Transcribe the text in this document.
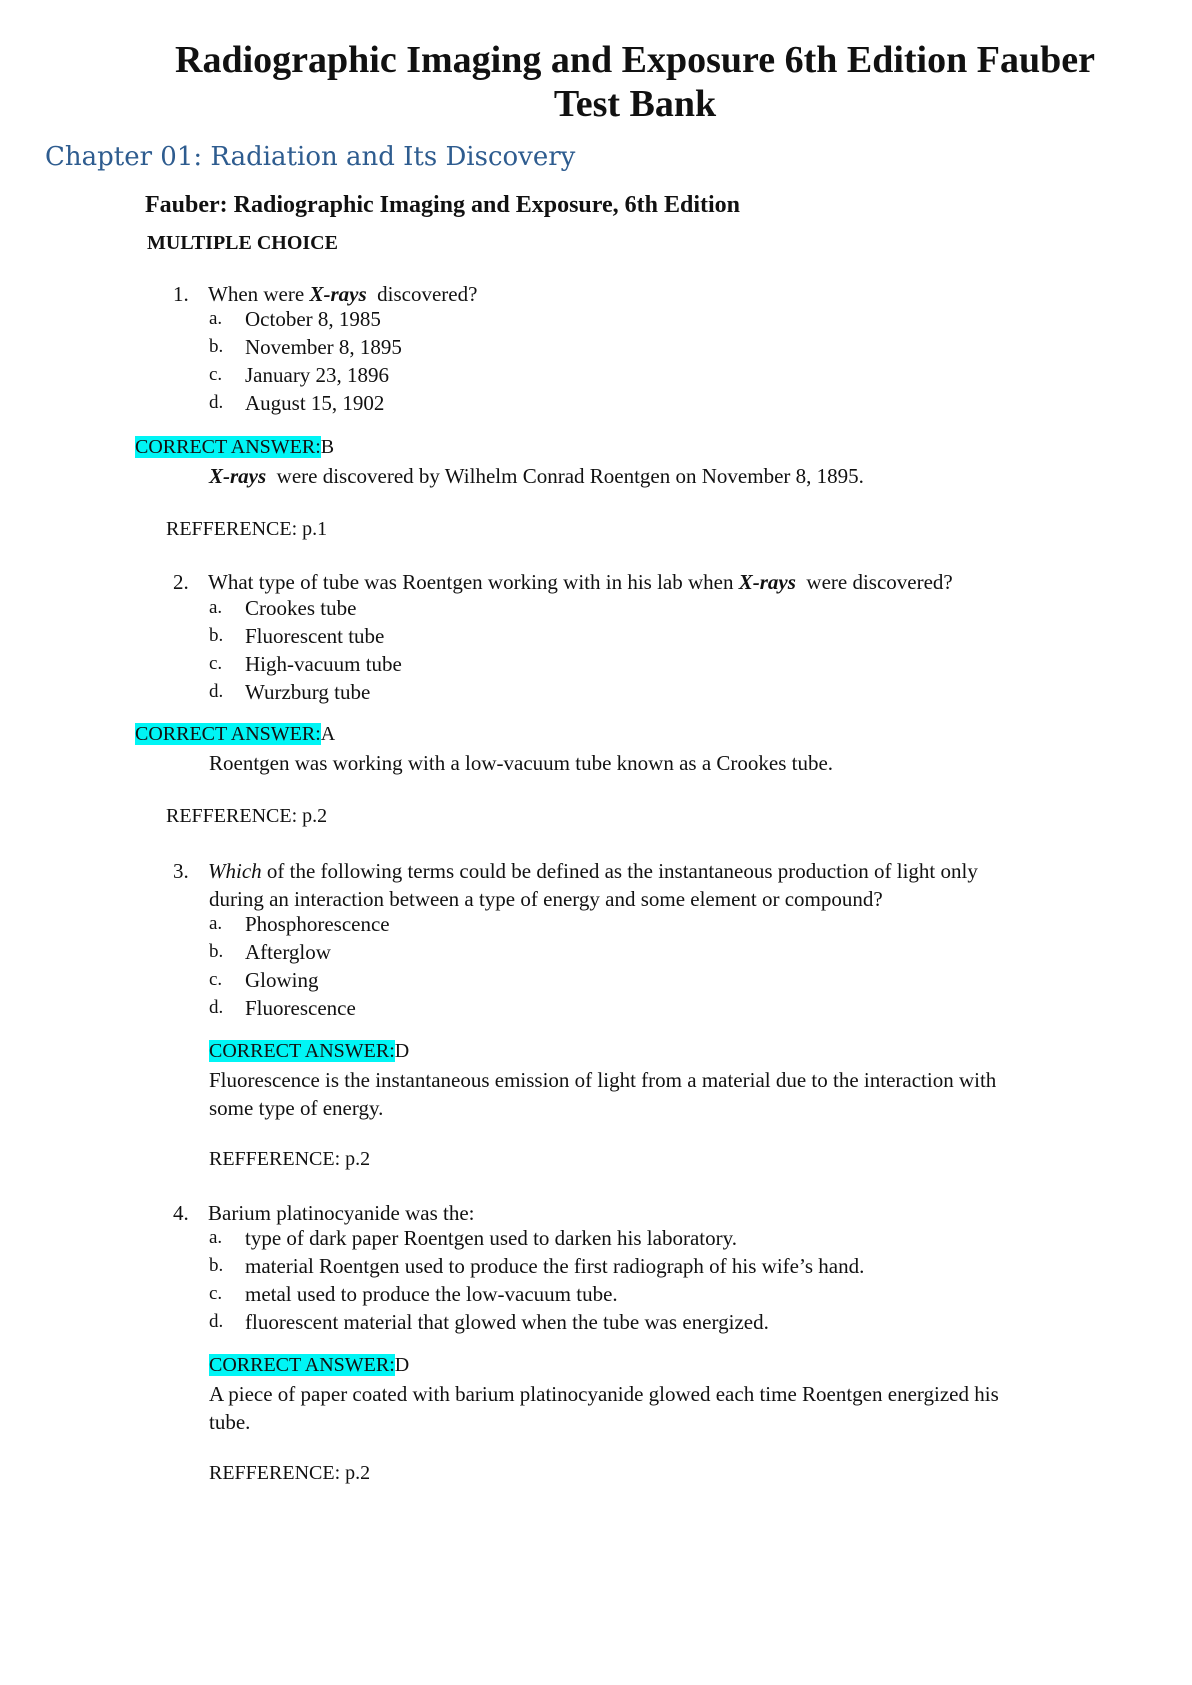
Radiographic Imaging and Exposure 6th Edition Fauber
Test Bank
Chapter 01: Radiation and Its Discovery
Fauber: Radiographic Imaging and Exposure, 6th Edition
MULTIPLE CHOICE
1. When were X-rays  discovered?
a. October 8, 1985
b. November 8, 1895
c. January 23, 1896
d. August 15, 1902
CORRECT ANSWER:B
X-rays  were discovered by Wilhelm Conrad Roentgen on November 8, 1895.
REFFERENCE: p.1
2. What type of tube was Roentgen working with in his lab when X-rays  were discovered?
a. Crookes tube
b. Fluorescent tube
c. High-vacuum tube
d. Wurzburg tube
CORRECT ANSWER:A
Roentgen was working with a low-vacuum tube known as a Crookes tube.
REFFERENCE: p.2
3. Which of the following terms could be defined as the instantaneous production of light only
during an interaction between a type of energy and some element or compound?
a. Phosphorescence
b. Afterglow
c. Glowing
d. Fluorescence
CORRECT ANSWER:D
Fluorescence is the instantaneous emission of light from a material due to the interaction with
some type of energy.
REFFERENCE: p.2
4. Barium platinocyanide was the:
a. type of dark paper Roentgen used to darken his laboratory.
b. material Roentgen used to produce the first radiograph of his wife’s hand.
c. metal used to produce the low-vacuum tube.
d. fluorescent material that glowed when the tube was energized.
CORRECT ANSWER:D
A piece of paper coated with barium platinocyanide glowed each time Roentgen energized his
tube.
REFFERENCE: p.2
